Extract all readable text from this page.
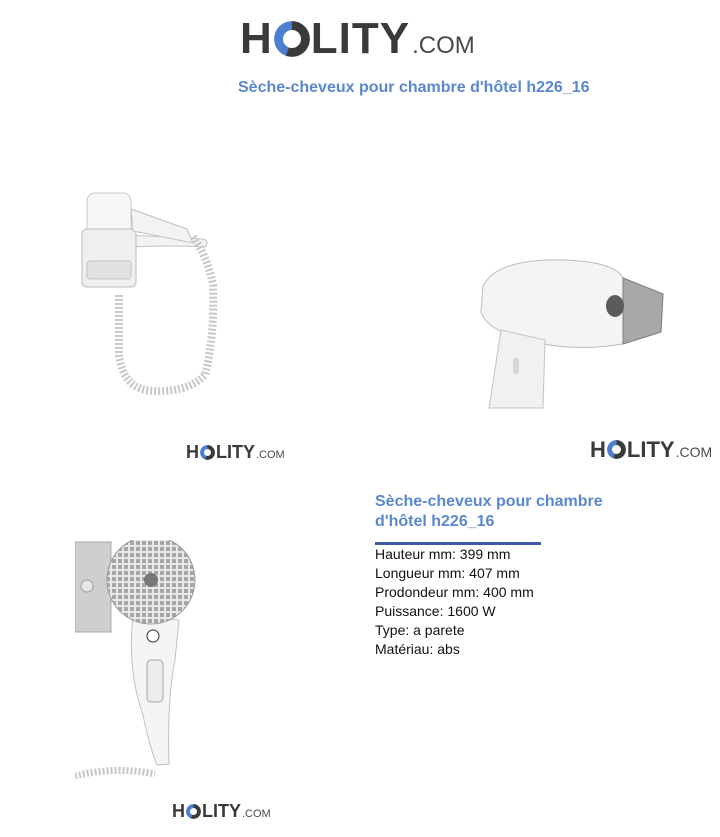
H LITY .COM
Sèche-cheveux pour chambre d'hôtel h226_16
H LITY .COM	H LITY .COM
H LITY .COM
Sèche-cheveux pour chambre d'hôtel h226_16
Hauteur mm: 399 mm
Longueur mm: 407 mm
Prodondeur mm: 400 mm
Puissance: 1600 W
Type: a parete
Matériau: abs
